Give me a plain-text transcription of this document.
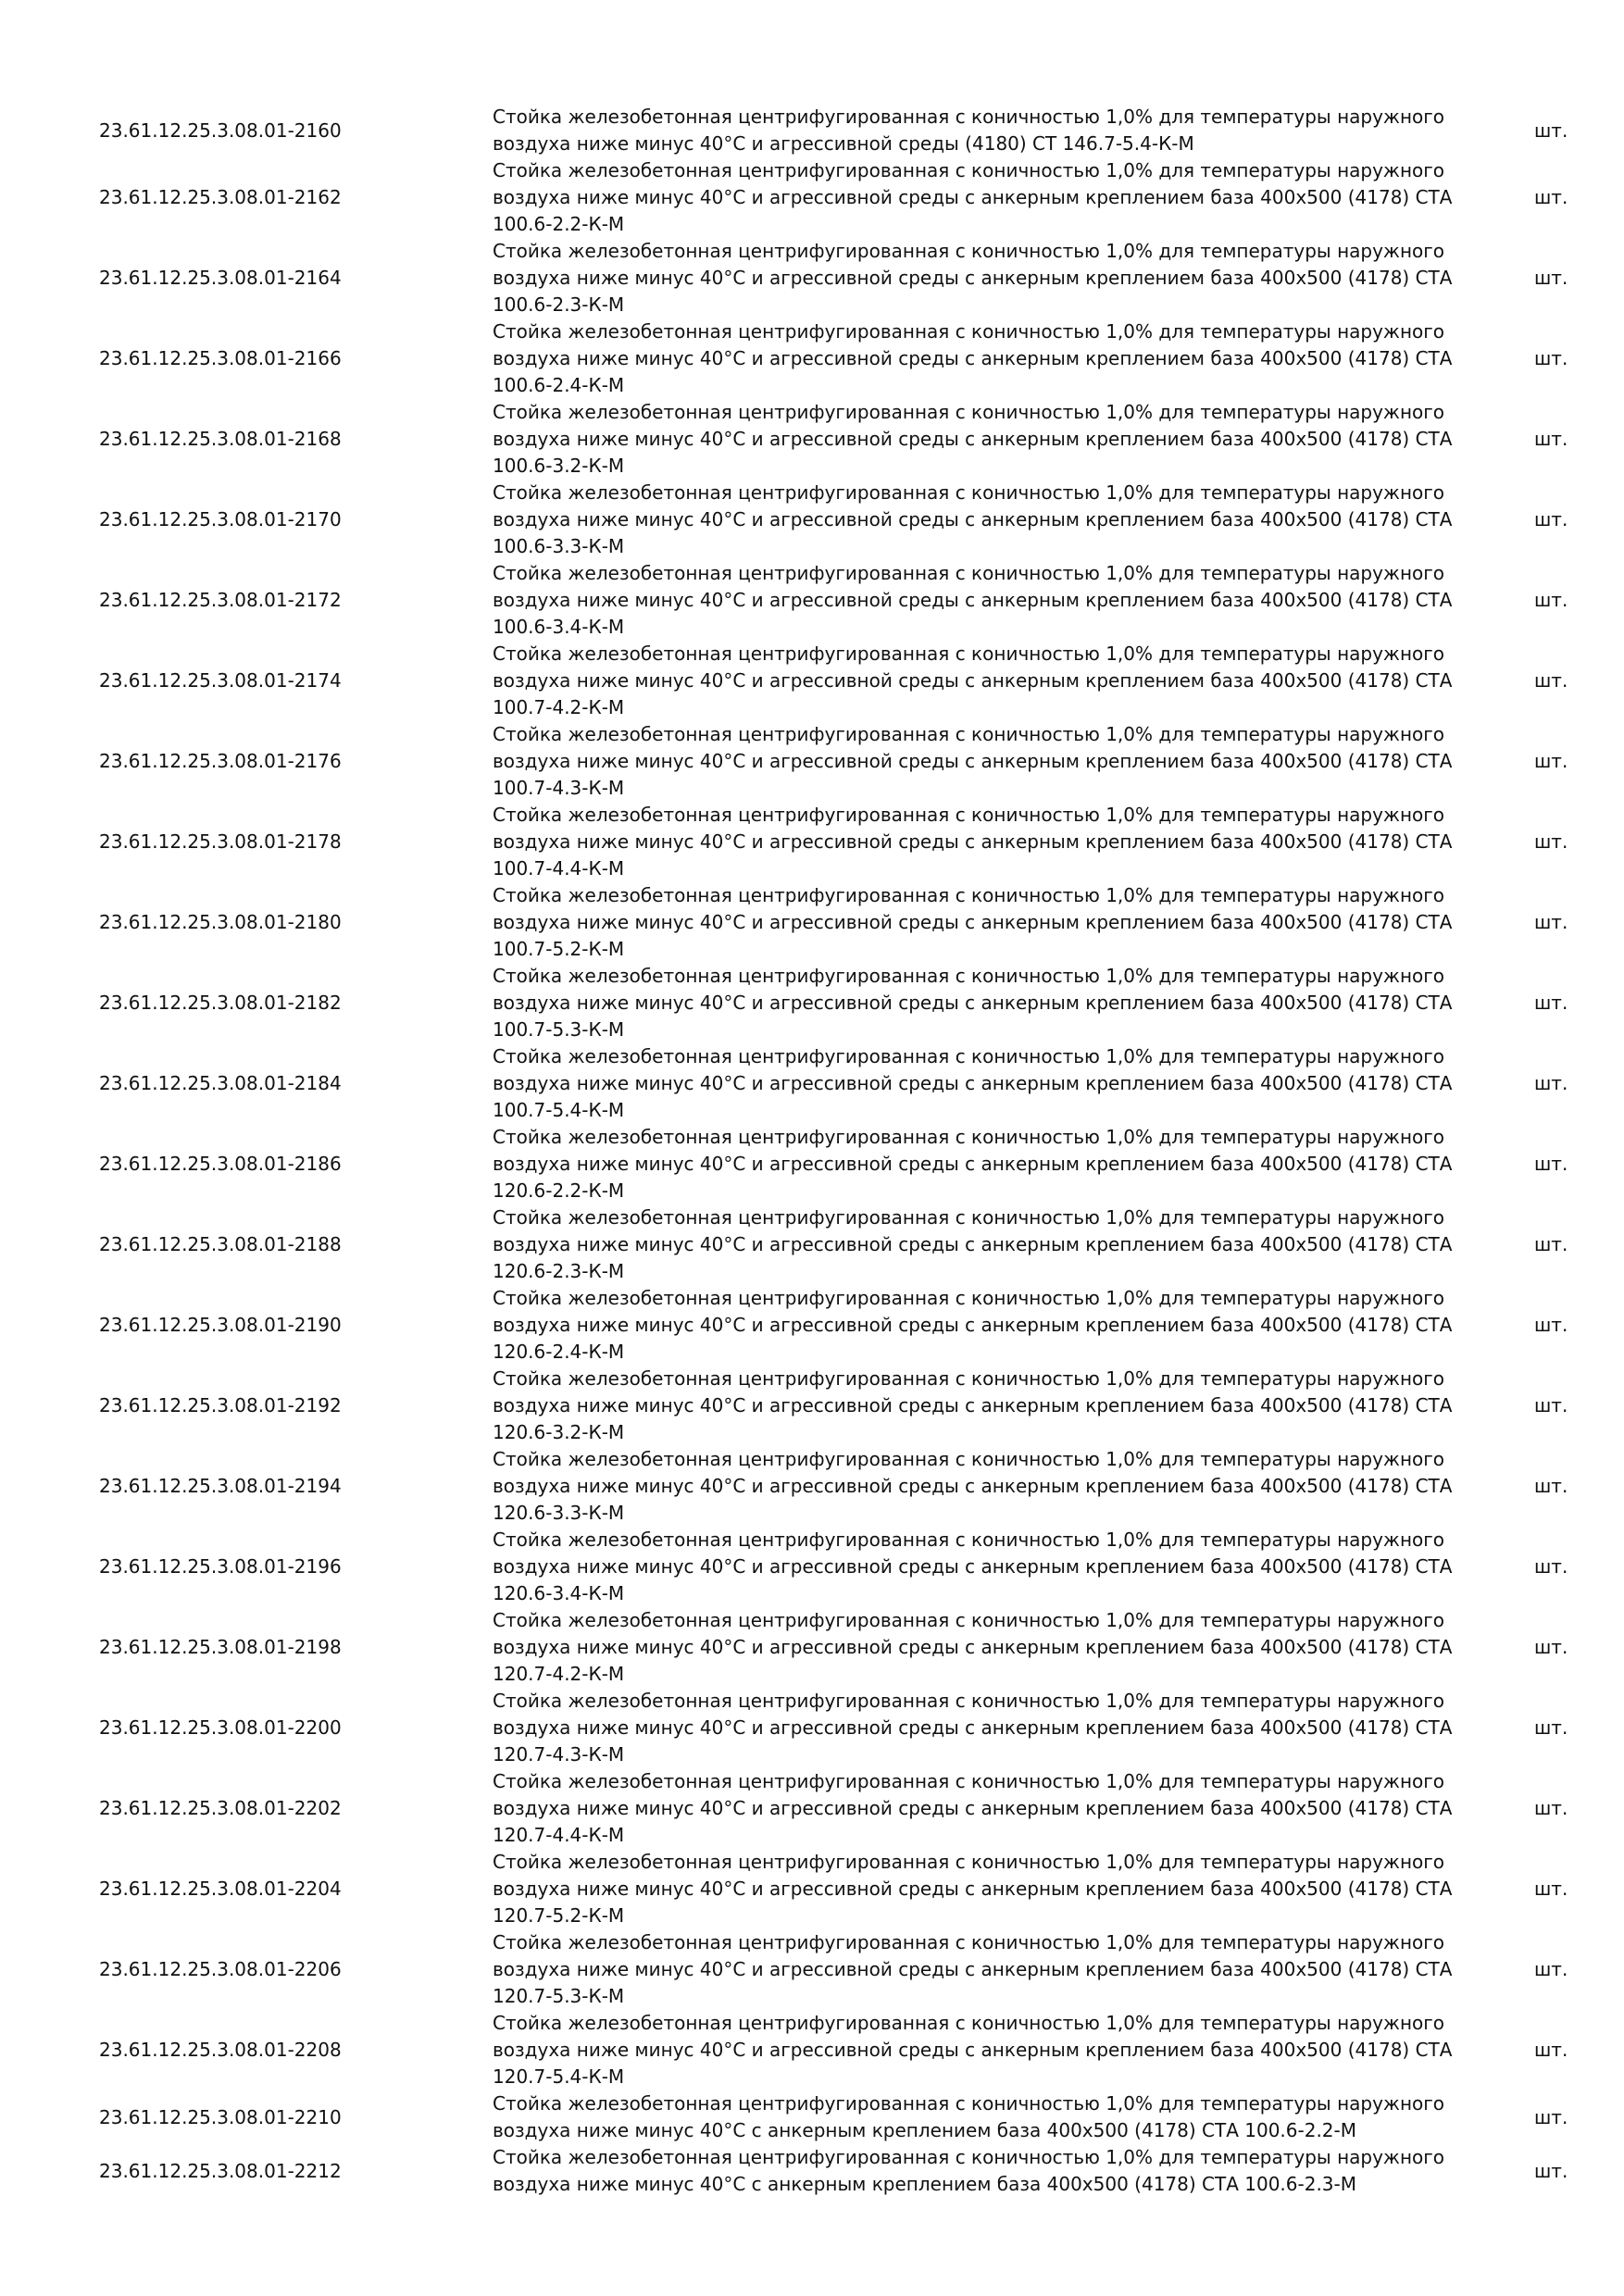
23.61.12.25.3.08.01-2160
Стойка железобетонная центрифугированная с коничностью 1,0% для температуры наружного
воздуха ниже минус 40°С и агрессивной среды (4180) СТ 146.7-5.4-К-М
шт.
23.61.12.25.3.08.01-2162
Стойка железобетонная центрифугированная с коничностью 1,0% для температуры наружного
воздуха ниже минус 40°С и агрессивной среды с анкерным креплением база 400х500 (4178) СТА
100.6-2.2-К-М
шт.
23.61.12.25.3.08.01-2164
Стойка железобетонная центрифугированная с коничностью 1,0% для температуры наружного
воздуха ниже минус 40°С и агрессивной среды с анкерным креплением база 400х500 (4178) СТА
100.6-2.3-К-М
шт.
23.61.12.25.3.08.01-2166
Стойка железобетонная центрифугированная с коничностью 1,0% для температуры наружного
воздуха ниже минус 40°С и агрессивной среды с анкерным креплением база 400х500 (4178) СТА
100.6-2.4-К-М
шт.
23.61.12.25.3.08.01-2168
Стойка железобетонная центрифугированная с коничностью 1,0% для температуры наружного
воздуха ниже минус 40°С и агрессивной среды с анкерным креплением база 400х500 (4178) СТА
100.6-3.2-К-М
шт.
23.61.12.25.3.08.01-2170
Стойка железобетонная центрифугированная с коничностью 1,0% для температуры наружного
воздуха ниже минус 40°С и агрессивной среды с анкерным креплением база 400х500 (4178) СТА
100.6-3.3-К-М
шт.
23.61.12.25.3.08.01-2172
Стойка железобетонная центрифугированная с коничностью 1,0% для температуры наружного
воздуха ниже минус 40°С и агрессивной среды с анкерным креплением база 400х500 (4178) СТА
100.6-3.4-К-М
шт.
23.61.12.25.3.08.01-2174
Стойка железобетонная центрифугированная с коничностью 1,0% для температуры наружного
воздуха ниже минус 40°С и агрессивной среды с анкерным креплением база 400х500 (4178) СТА
100.7-4.2-К-М
шт.
23.61.12.25.3.08.01-2176
Стойка железобетонная центрифугированная с коничностью 1,0% для температуры наружного
воздуха ниже минус 40°С и агрессивной среды с анкерным креплением база 400х500 (4178) СТА
100.7-4.3-К-М
шт.
23.61.12.25.3.08.01-2178
Стойка железобетонная центрифугированная с коничностью 1,0% для температуры наружного
воздуха ниже минус 40°С и агрессивной среды с анкерным креплением база 400х500 (4178) СТА
100.7-4.4-К-М
шт.
23.61.12.25.3.08.01-2180
Стойка железобетонная центрифугированная с коничностью 1,0% для температуры наружного
воздуха ниже минус 40°С и агрессивной среды с анкерным креплением база 400х500 (4178) СТА
100.7-5.2-К-М
шт.
23.61.12.25.3.08.01-2182
Стойка железобетонная центрифугированная с коничностью 1,0% для температуры наружного
воздуха ниже минус 40°С и агрессивной среды с анкерным креплением база 400х500 (4178) СТА
100.7-5.3-К-М
шт.
23.61.12.25.3.08.01-2184
Стойка железобетонная центрифугированная с коничностью 1,0% для температуры наружного
воздуха ниже минус 40°С и агрессивной среды с анкерным креплением база 400х500 (4178) СТА
100.7-5.4-К-М
шт.
23.61.12.25.3.08.01-2186
Стойка железобетонная центрифугированная с коничностью 1,0% для температуры наружного
воздуха ниже минус 40°С и агрессивной среды с анкерным креплением база 400х500 (4178) СТА
120.6-2.2-К-М
шт.
23.61.12.25.3.08.01-2188
Стойка железобетонная центрифугированная с коничностью 1,0% для температуры наружного
воздуха ниже минус 40°С и агрессивной среды с анкерным креплением база 400х500 (4178) СТА
120.6-2.3-К-М
шт.
23.61.12.25.3.08.01-2190
Стойка железобетонная центрифугированная с коничностью 1,0% для температуры наружного
воздуха ниже минус 40°С и агрессивной среды с анкерным креплением база 400х500 (4178) СТА
120.6-2.4-К-М
шт.
23.61.12.25.3.08.01-2192
Стойка железобетонная центрифугированная с коничностью 1,0% для температуры наружного
воздуха ниже минус 40°С и агрессивной среды с анкерным креплением база 400х500 (4178) СТА
120.6-3.2-К-М
шт.
23.61.12.25.3.08.01-2194
Стойка железобетонная центрифугированная с коничностью 1,0% для температуры наружного
воздуха ниже минус 40°С и агрессивной среды с анкерным креплением база 400х500 (4178) СТА
120.6-3.3-К-М
шт.
23.61.12.25.3.08.01-2196
Стойка железобетонная центрифугированная с коничностью 1,0% для температуры наружного
воздуха ниже минус 40°С и агрессивной среды с анкерным креплением база 400х500 (4178) СТА
120.6-3.4-К-М
шт.
23.61.12.25.3.08.01-2198
Стойка железобетонная центрифугированная с коничностью 1,0% для температуры наружного
воздуха ниже минус 40°С и агрессивной среды с анкерным креплением база 400х500 (4178) СТА
120.7-4.2-К-М
шт.
23.61.12.25.3.08.01-2200
Стойка железобетонная центрифугированная с коничностью 1,0% для температуры наружного
воздуха ниже минус 40°С и агрессивной среды с анкерным креплением база 400х500 (4178) СТА
120.7-4.3-К-М
шт.
23.61.12.25.3.08.01-2202
Стойка железобетонная центрифугированная с коничностью 1,0% для температуры наружного
воздуха ниже минус 40°С и агрессивной среды с анкерным креплением база 400х500 (4178) СТА
120.7-4.4-К-М
шт.
23.61.12.25.3.08.01-2204
Стойка железобетонная центрифугированная с коничностью 1,0% для температуры наружного
воздуха ниже минус 40°С и агрессивной среды с анкерным креплением база 400х500 (4178) СТА
120.7-5.2-К-М
шт.
23.61.12.25.3.08.01-2206
Стойка железобетонная центрифугированная с коничностью 1,0% для температуры наружного
воздуха ниже минус 40°С и агрессивной среды с анкерным креплением база 400х500 (4178) СТА
120.7-5.3-К-М
шт.
23.61.12.25.3.08.01-2208
Стойка железобетонная центрифугированная с коничностью 1,0% для температуры наружного
воздуха ниже минус 40°С и агрессивной среды с анкерным креплением база 400х500 (4178) СТА
120.7-5.4-К-М
шт.
23.61.12.25.3.08.01-2210
Стойка железобетонная центрифугированная с коничностью 1,0% для температуры наружного
воздуха ниже минус 40°С с анкерным креплением база 400х500 (4178) СТА 100.6-2.2-М
шт.
23.61.12.25.3.08.01-2212
Стойка железобетонная центрифугированная с коничностью 1,0% для температуры наружного
воздуха ниже минус 40°С с анкерным креплением база 400х500 (4178) СТА 100.6-2.3-М
шт.
